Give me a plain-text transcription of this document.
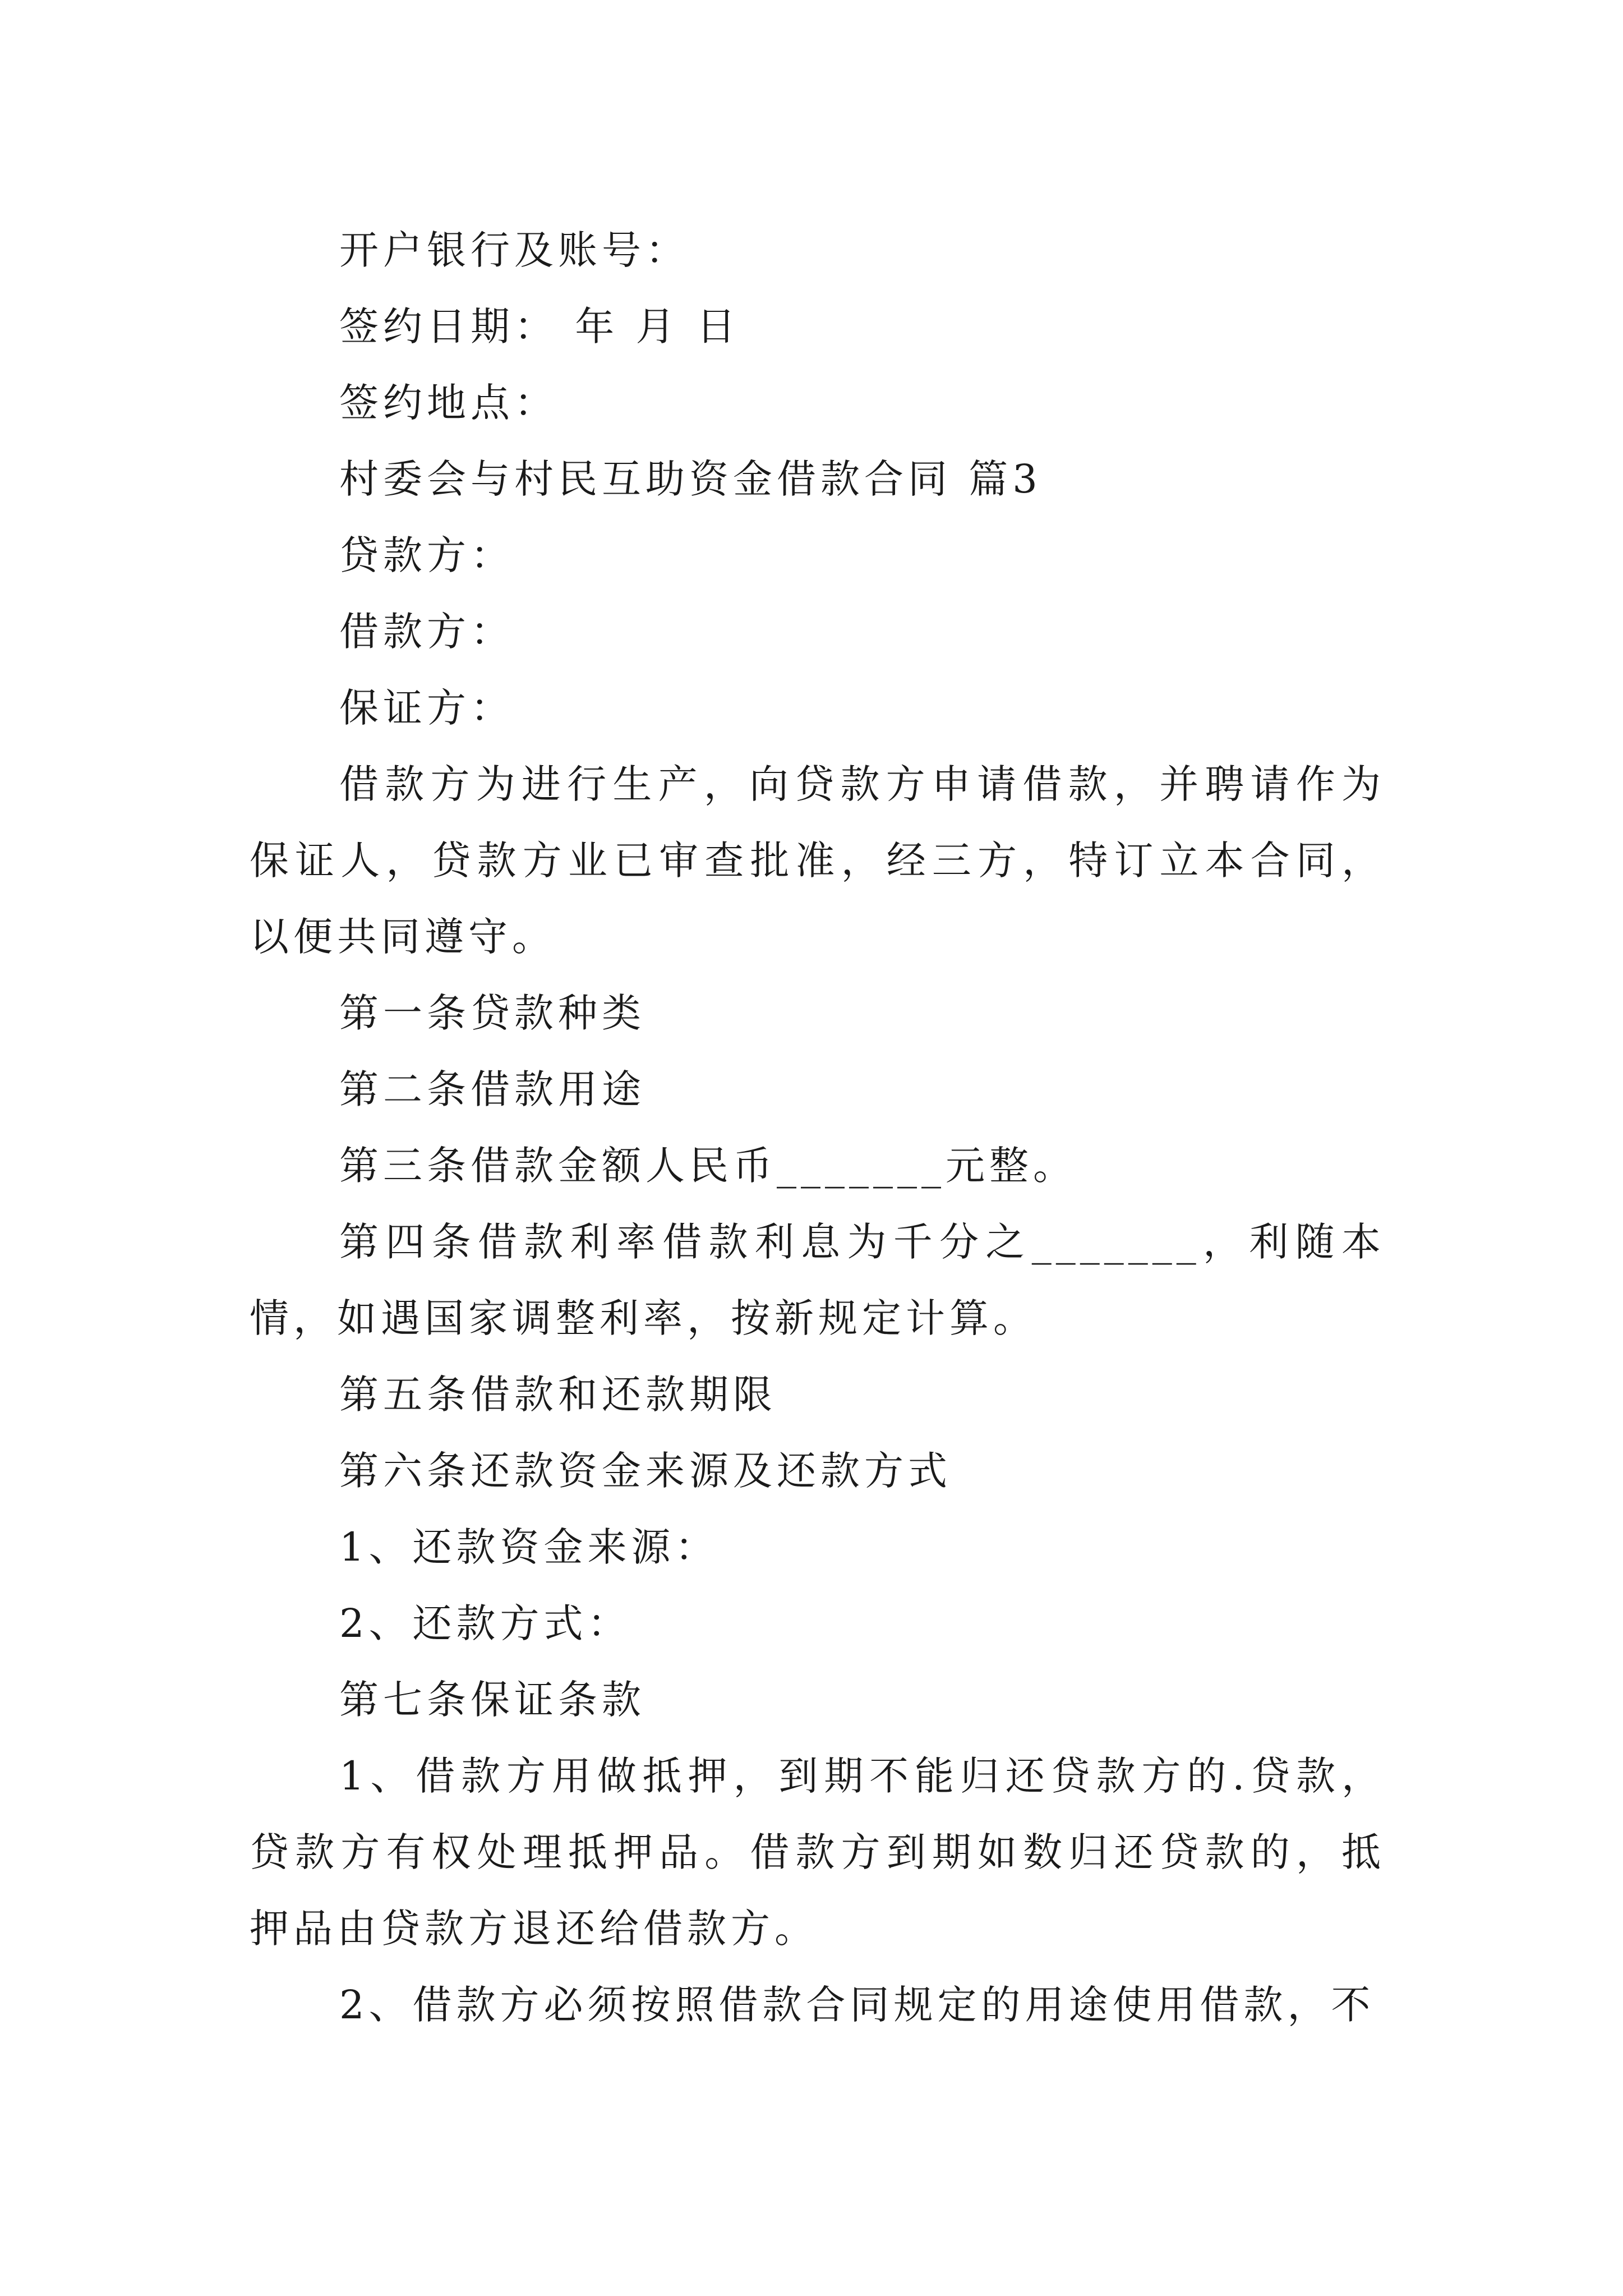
开户银行及账号：

签约日期： 年 月 日

签约地点：

村委会与村民互助资金借款合同 篇3

贷款方：

借款方：

保证方：

借款方为进行生产，向贷款方申请借款，并聘请作为保证人，贷款方业已审查批准，经三方，特订立本合同，以便共同遵守。

第一条贷款种类

第二条借款用途

第三条借款金额人民币_______元整。

第四条借款利率借款利息为千分之_______，利随本情，如遇国家调整利率，按新规定计算。

第五条借款和还款期限

第六条还款资金来源及还款方式

1、还款资金来源：

2、还款方式：

第七条保证条款

1、借款方用做抵押，到期不能归还贷款方的.贷款，贷款方有权处理抵押品。借款方到期如数归还贷款的，抵押品由贷款方退还给借款方。

2、借款方必须按照借款合同规定的用途使用借款，不
